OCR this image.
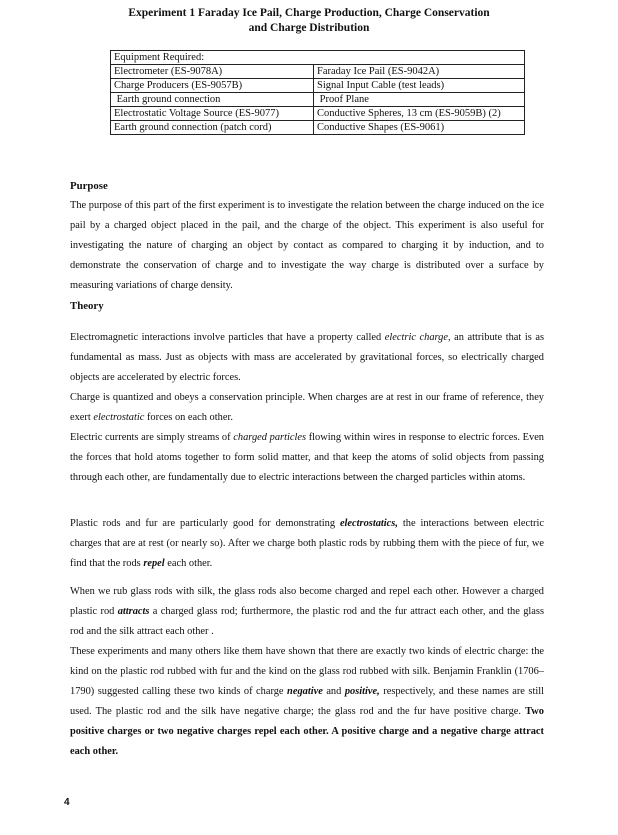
Experiment 1 Faraday Ice Pail, Charge Production, Charge Conservation
and Charge Distribution
Equipment Required:	
Electrometer (ES-9078A)	Faraday Ice Pail (ES-9042A)
Charge Producers (ES-9057B)	Signal Input Cable (test leads)
Earth ground connection	Proof Plane
Electrostatic Voltage Source (ES-9077)	Conductive Spheres, 13 cm (ES-9059B) (2)
Earth ground connection (patch cord)	Conductive Shapes (ES-9061)

Purpose

The purpose of this part of the first experiment is to investigate the relation between the charge induced on the ice pail by a charged object placed in the pail, and the charge of the object. This experiment is also useful for investigating the nature of charging an object by contact as compared to charging it by induction, and to demonstrate the conservation of charge and to investigate the way charge is distributed over a surface by measuring variations of charge density.

Theory

Electromagnetic interactions involve particles that have a property called electric charge, an attribute that is as fundamental as mass. Just as objects with mass are accelerated by gravitational forces, so electrically charged objects are accelerated by electric forces.

Charge is quantized and obeys a conservation principle. When charges are at rest in our frame of reference, they exert electrostatic forces on each other.

Electric currents are simply streams of charged particles flowing within wires in response to electric forces. Even the forces that hold atoms together to form solid matter, and that keep the atoms of solid objects from passing through each other, are fundamentally due to electric interactions between the charged particles within atoms.

Plastic rods and fur are particularly good for demonstrating electrostatics, the interactions between electric charges that are at rest (or nearly so). After we charge both plastic rods by rubbing them with the piece of fur, we find that the rods repel each other.

When we rub glass rods with silk, the glass rods also become charged and repel each other. However a charged plastic rod attracts a charged glass rod; furthermore, the plastic rod and the fur attract each other, and the glass rod and the silk attract each other .

These experiments and many others like them have shown that there are exactly two kinds of electric charge: the kind on the plastic rod rubbed with fur and the kind on the glass rod rubbed with silk. Benjamin Franklin (1706–1790) suggested calling these two kinds of charge negative and positive, respectively, and these names are still used. The plastic rod and the silk have negative charge; the glass rod and the fur have positive charge. Two positive charges or two negative charges repel each other. A positive charge and a negative charge attract each other.

4
